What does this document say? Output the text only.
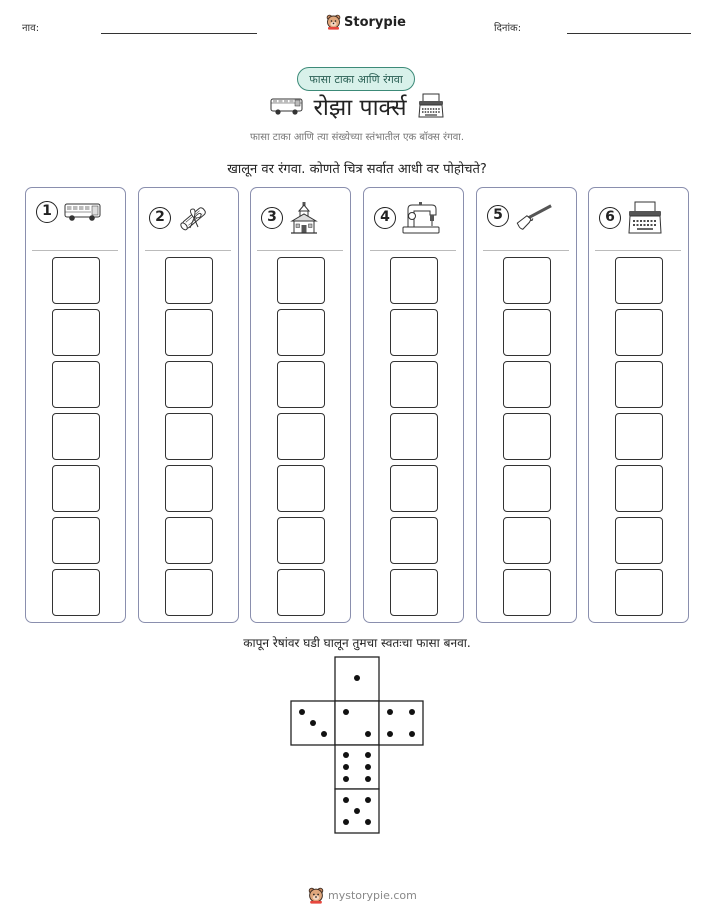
नाव:	Storypie	दिनांक:
फासा टाका आणि रंगवा
रोझा पार्क्स
फासा टाका आणि त्या संख्येच्या स्तंभातील एक बॉक्स रंगवा.
खालून वर रंगवा. कोणते चित्र सर्वात आधी वर पोहोचते?
1	2	3	4	5	6
कापून रेषांवर घडी घालून तुमचा स्वतःचा फासा बनवा.
mystorypie.com
